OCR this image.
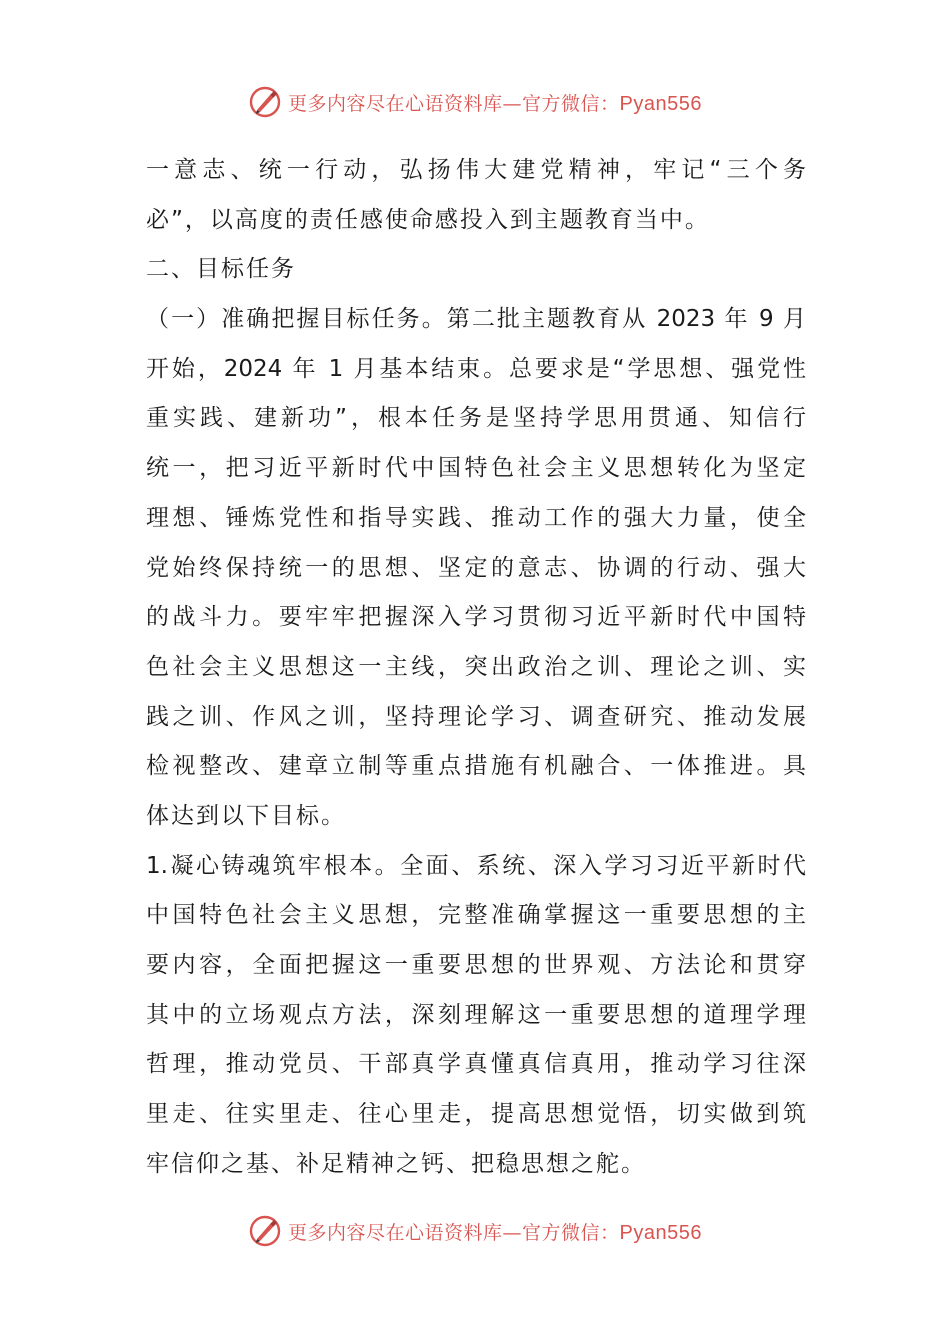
更多内容尽在心语资料库—官方微信：Pyan556
一意志、统一行动，弘扬伟大建党精神，牢记“三个务
必”，以高度的责任感使命感投入到主题教育当中。
二、目标任务
（一）准确把握目标任务。第二批主题教育从 2023 年 9 月
开始，2024 年 1 月基本结束。总要求是“学思想、强党性
重实践、建新功”，根本任务是坚持学思用贯通、知信行
统一，把习近平新时代中国特色社会主义思想转化为坚定
理想、锤炼党性和指导实践、推动工作的强大力量，使全
党始终保持统一的思想、坚定的意志、协调的行动、强大
的战斗力。要牢牢把握深入学习贯彻习近平新时代中国特
色社会主义思想这一主线，突出政治之训、理论之训、实
践之训、作风之训，坚持理论学习、调查研究、推动发展
检视整改、建章立制等重点措施有机融合、一体推进。具
体达到以下目标。
1.凝心铸魂筑牢根本。全面、系统、深入学习习近平新时代
中国特色社会主义思想，完整准确掌握这一重要思想的主
要内容，全面把握这一重要思想的世界观、方法论和贯穿
其中的立场观点方法，深刻理解这一重要思想的道理学理
哲理，推动党员、干部真学真懂真信真用，推动学习往深
里走、往实里走、往心里走，提高思想觉悟，切实做到筑
牢信仰之基、补足精神之钙、把稳思想之舵。
更多内容尽在心语资料库—官方微信：Pyan556
